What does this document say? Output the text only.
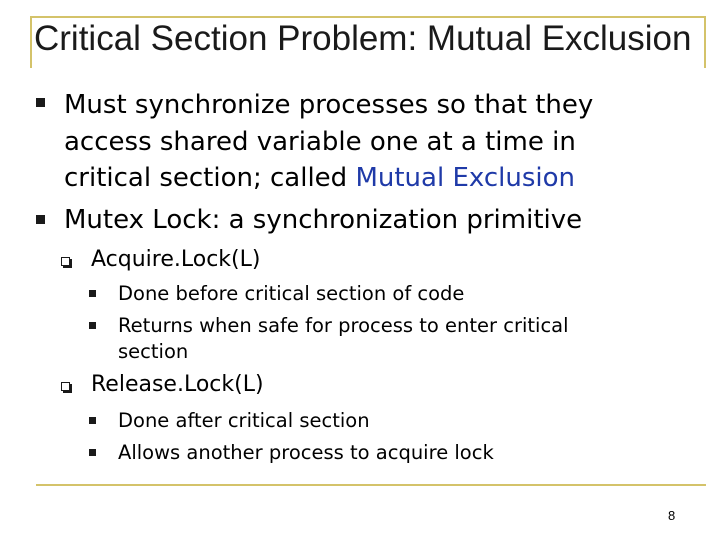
Critical Section Problem: Mutual Exclusion
Must synchronize processes so that they
access shared variable one at a time in
critical section; called Mutual Exclusion
Mutex Lock: a synchronization primitive
Acquire.Lock(L)
Done before critical section of code
Returns when safe for process to enter critical
section
Release.Lock(L)
Done after critical section
Allows another process to acquire lock
8
